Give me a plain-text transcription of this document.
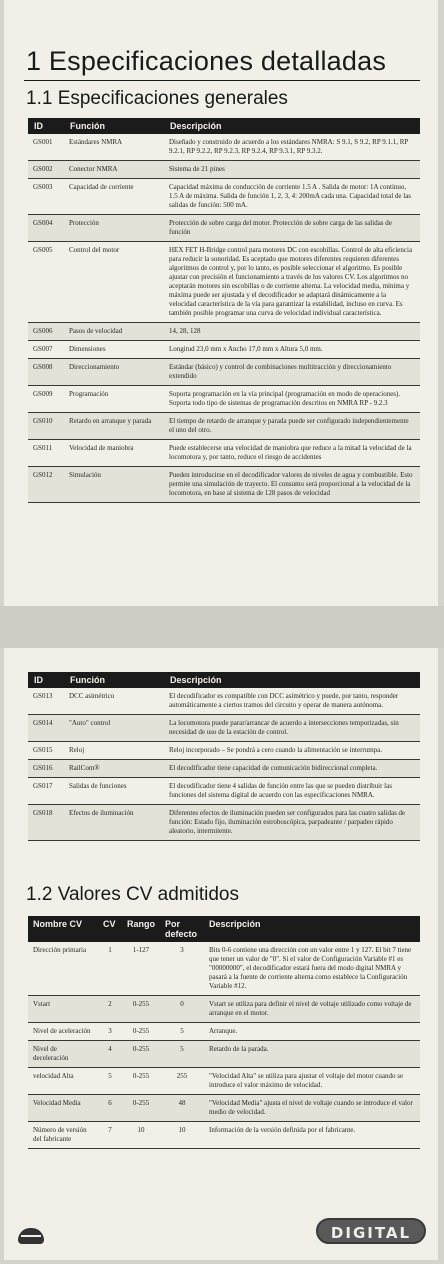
1 Especificaciones detalladas
1.1 Especificaciones generales
ID	Función	Descripción
GS001	Estándares NMRA	Diseñado y construido de acuerdo a los estándares NMRA: S 9.1, S 9.2, RP 9.1.1, RP 9.2.1, RP 9.2.2, RP 9.2.3, RP 9.2.4, RP 9.3.1, RP 9.3.2.
GS002	Conector NMRA	Sistema de 21 pines
GS003	Capacidad de corriente	Capacidad máxima de conducción de corriente 1.5 A . Salida de motor: 1A continuo, 1.5 A de máxima. Salida de función 1, 2, 3, 4: 200mA cada una. Capacidad total de las salidas de función: 500 mA.
GS004	Protección	Protección de sobre carga del motor. Protección de sobre carga de las salidas de función
GS005	Control del motor	HEX FET H-Bridge control para motores DC con escobillas. Control de alta eficiencia para reducir la sonoridad. Es aceptado que motores diferentes requieren diferentes algoritmos de control y, por lo tanto, es posible seleccionar el algoritmo. Es posible ajustar con precisión el funcionamiento a través de los valores CV. Los algoritmos no aceptarán motores sin escobillas o de corriente alterna. La velocidad media, mínima y máxima puede ser ajustada y el decodificador se adaptará dinámicamente a la velocidad característica de la vía para garantizar la estabilidad, incluso en curva. Es también posible programar una curva de velocidad individual característica.
GS006	Pasos de velocidad	14, 28, 128
GS007	Dimensiones	Longitud 23,0 mm x Ancho 17,0 mm x Altura 5,0 mm.
GS008	Direccionamiento	Estándar (básico) y control de combinaciones multitracción y direccionamiento extendido
GS009	Programación	Soporta programación en la vía principal (programación en modo de operaciones). Soporta todo tipo de sistemas de programación descritos en NMRA RP - 9.2.3
GS010	Retardo en arranque y parada	El tiempo de retardo de arranque y parada puede ser configurado independientemente el uno del otro.
GS011	Velocidad de maniobra	Puede establecerse una velocidad de maniobra que reduce a la mitad la velocidad de la locomotora y, por tanto, reduce el riesgo de accidentes
GS012	Simulación	Pueden introducirse en el decodificador valores de niveles de agua y combustible. Esto permite una simulación de trayecto. El consumo será proporcional a la velocidad de la locomotora, en base al sistema de 128 pasos de velocidad
ID	Función	Descripción
GS013	DCC asimétrico	El decodificador es compatible con DCC asimétrico y puede, por tanto, responder automáticamente a ciertos tramos del circuito y operar de manera autónoma.
GS014	"Auto" control	La locomotora puede parar/arrancar de acuerdo a intersecciones temporizadas, sin necesidad de uso de la estación de control.
GS015	Reloj	Reloj incorporado – Se pondrá a cero cuando la alimentación se interrumpa.
GS016	RailCom®	El decodificador tiene capacidad de comunicación bidireccional completa.
GS017	Salidas de funciones	El decodificador tiene 4 salidas de función entre las que se pueden distribuir las funciones del sistema digital de acuerdo con las especificaciones NMRA.
GS018	Efectos de iluminación	Diferentes efectos de iluminación pueden ser configurados para las cuatro salidas de función: Estado fijo, iluminación estroboscópica, parpadeante / parpadeo rápido aleatorio, intermitente.
1.2 Valores CV admitidos
Nombre CV	CV	Rango	Por defecto	Descripción
Dirección primaria	1	1-127	3	Bits 0-6 contiene una dirección con un valor entre 1 y 127. El bit 7 tiene que tener un valor de "0". Si el valor de Configuración Variable #1 es "00000000", el decodificador estará fuera del modo digital NMRA y pasará a la fuente de corriente alterna como establece la Configuración Variable #12.
Vstart	2	0-255	0	Vstart se utiliza para definir el nivel de voltaje utilizado como voltaje de arranque en el motor.
Nivel de aceleración	3	0-255	5	Arranque.
Nivel de deceleración	4	0-255	5	Retardo de la parada.
velocidad Alta	5	0-255	255	"Velocidad Alta" se utiliza para ajustar el voltaje del motor cuando se introduce el valor máximo de velocidad.
Velocidad Media	6	0-255	48	"Velocidad Media" ajusta el nivel de voltaje cuando se introduce el valor medio de velocidad.
Número de versión del fabricante	7	10	10	Información de la versión definida por el fabricante.
DIGITAL
